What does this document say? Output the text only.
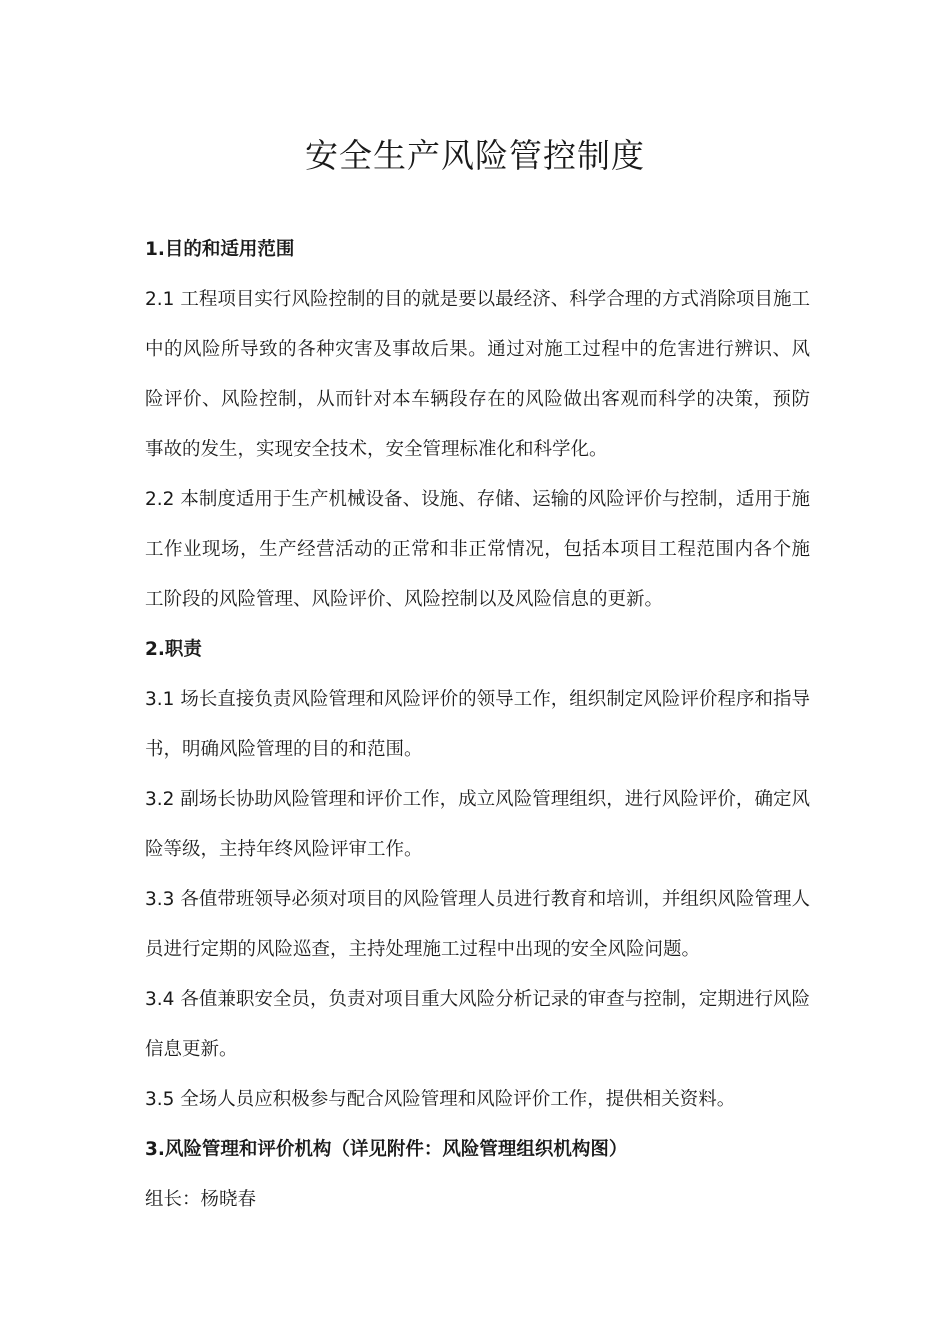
安全生产风险管控制度

1.目的和适用范围

2.1 工程项目实行风险控制的目的就是要以最经济、科学合理的方式消除项目施工中的风险所导致的各种灾害及事故后果。通过对施工过程中的危害进行辨识、风险评价、风险控制，从而针对本车辆段存在的风险做出客观而科学的决策，预防事故的发生，实现安全技术，安全管理标准化和科学化。

2.2 本制度适用于生产机械设备、设施、存储、运输的风险评价与控制，适用于施工作业现场，生产经营活动的正常和非正常情况，包括本项目工程范围内各个施工阶段的风险管理、风险评价、风险控制以及风险信息的更新。

2.职责

3.1 场长直接负责风险管理和风险评价的领导工作，组织制定风险评价程序和指导书，明确风险管理的目的和范围。

3.2 副场长协助风险管理和评价工作，成立风险管理组织，进行风险评价，确定风险等级，主持年终风险评审工作。

3.3 各值带班领导必须对项目的风险管理人员进行教育和培训，并组织风险管理人员进行定期的风险巡查，主持处理施工过程中出现的安全风险问题。

3.4 各值兼职安全员，负责对项目重大风险分析记录的审查与控制，定期进行风险信息更新。

3.5 全场人员应积极参与配合风险管理和风险评价工作，提供相关资料。

3.风险管理和评价机构（详见附件：风险管理组织机构图）

组长：杨晓春
